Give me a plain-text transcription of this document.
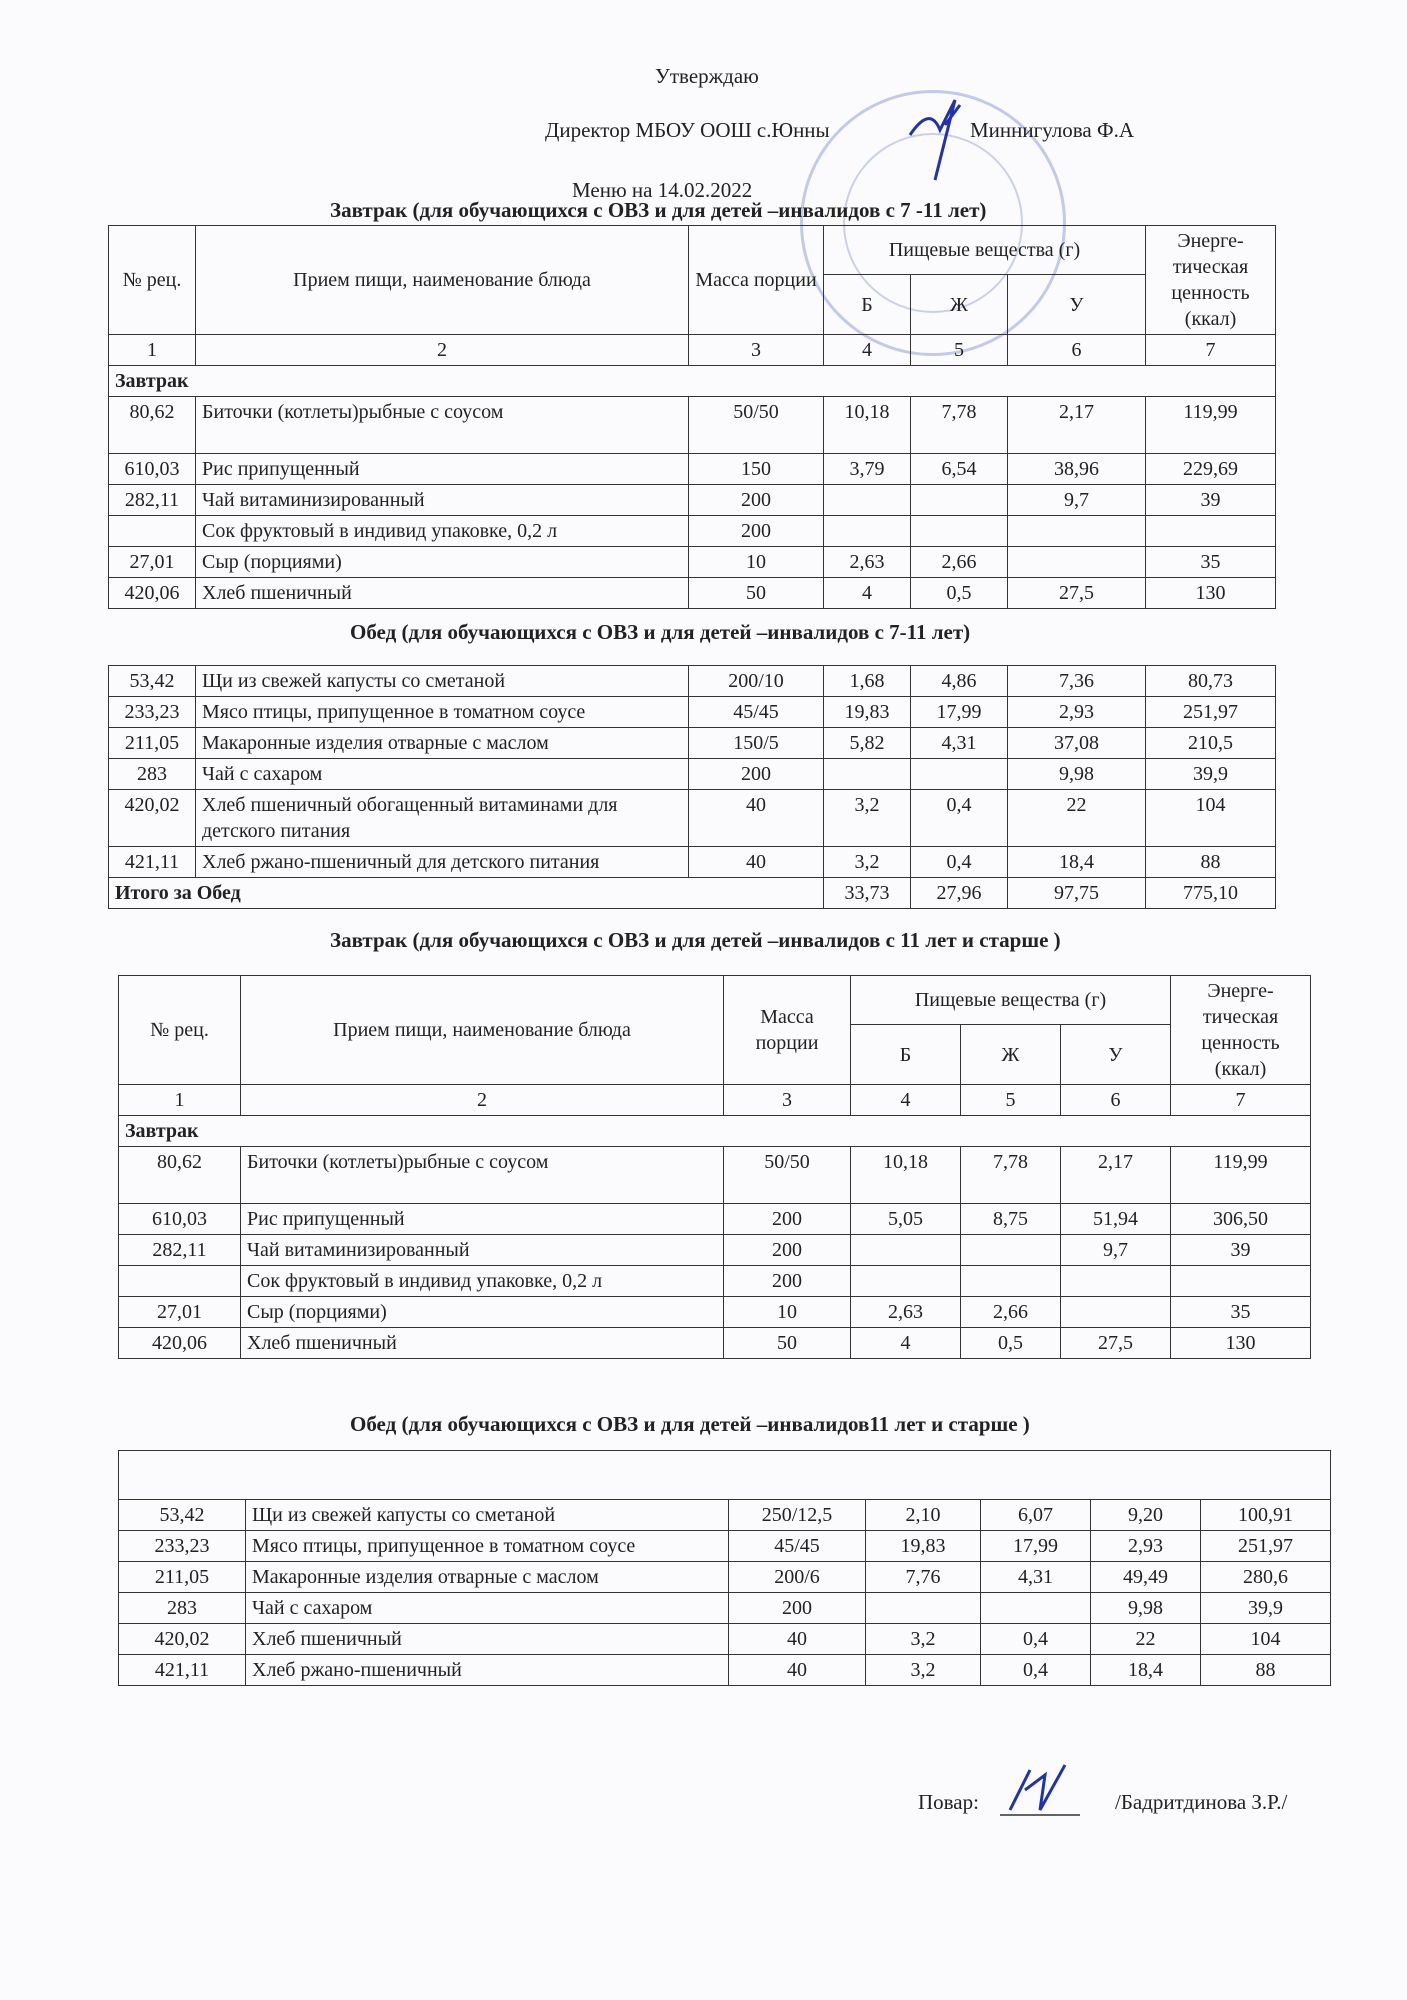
Утверждаю
Директор МБОУ ООШ с.Юнны	Миннигулова Ф.А
Меню на 14.02.2022
Завтрак (для обучающихся с ОВЗ и для детей –инвалидов с 7 -11 лет)
№ рец.	Прием пищи, наименование блюда	Масса порции	Пищевые вещества (г)			Энерге-тическая ценность (ккал)
			Б	Ж	У	
1	2	3	4	5	6	7
Завтрак						
80,62	Биточки (котлеты)рыбные с соусом	50/50	10,18	7,78	2,17	119,99
610,03	Рис припущенный	150	3,79	6,54	38,96	229,69
282,11	Чай витаминизированный	200			9,7	39
	Сок фруктовый в индивид упаковке, 0,2 л	200				
27,01	Сыр (порциями)	10	2,63	2,66		35
420,06	Хлеб пшеничный	50	4	0,5	27,5	130
Обед (для обучающихся с ОВЗ и для детей –инвалидов с 7-11 лет)
53,42	Щи из свежей капусты со сметаной	200/10	1,68	4,86	7,36	80,73
233,23	Мясо птицы, припущенное в томатном соусе	45/45	19,83	17,99	2,93	251,97
211,05	Макаронные изделия отварные с маслом	150/5	5,82	4,31	37,08	210,5
283	Чай с сахаром	200			9,98	39,9
420,02	Хлеб пшеничный обогащенный витаминами для детского питания	40	3,2	0,4	22	104
421,11	Хлеб ржано-пшеничный для детского питания	40	3,2	0,4	18,4	88
Итого за Обед			33,73	27,96	97,75	775,10
Завтрак (для обучающихся с ОВЗ и для детей –инвалидов с 11 лет и старше )
№ рец.	Прием пищи, наименование блюда	Масса порции	Пищевые вещества (г)			Энерге-тическая ценность (ккал)
			Б	Ж	У	
1	2	3	4	5	6	7
Завтрак						
80,62	Биточки (котлеты)рыбные с соусом	50/50	10,18	7,78	2,17	119,99
610,03	Рис припущенный	200	5,05	8,75	51,94	306,50
282,11	Чай витаминизированный	200			9,7	39
	Сок фруктовый в индивид упаковке, 0,2 л	200				
27,01	Сыр (порциями)	10	2,63	2,66		35
420,06	Хлеб пшеничный	50	4	0,5	27,5	130
Обед (для обучающихся с ОВЗ и для детей –инвалидов11 лет и старше )

53,42	Щи из свежей капусты со сметаной	250/12,5	2,10	6,07	9,20	100,91
233,23	Мясо птицы, припущенное в томатном соусе	45/45	19,83	17,99	2,93	251,97
211,05	Макаронные изделия отварные с маслом	200/6	7,76	4,31	49,49	280,6
283	Чай с сахаром	200			9,98	39,9
420,02	Хлеб пшеничный	40	3,2	0,4	22	104
421,11	Хлеб ржано-пшеничный	40	3,2	0,4	18,4	88
Повар:	/Бадритдинова З.Р./
